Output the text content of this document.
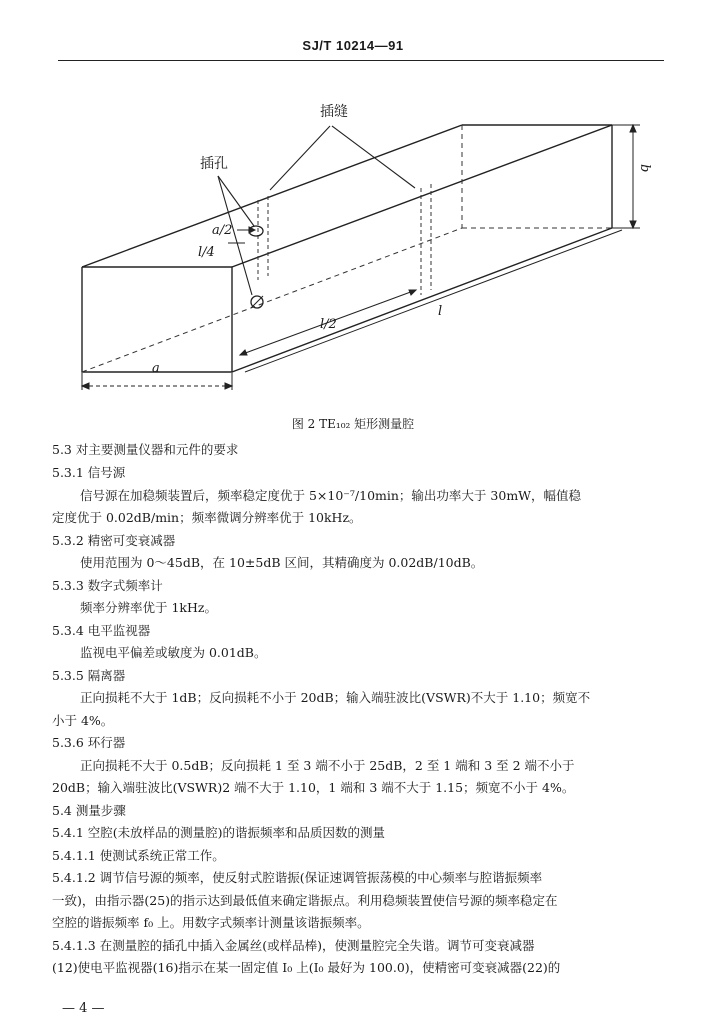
SJ/T 10214—91
插缝
插孔
a/2
l/4
l/2
l
a
b
图 2 TE₁₀₂ 矩形测量腔
5.3 对主要测量仪器和元件的要求
5.3.1 信号源
信号源在加稳频装置后，频率稳定度优于 5×10⁻⁷/10min；输出功率大于 30mW，幅值稳
定度优于 0.02dB/min；频率微调分辨率优于 10kHz。
5.3.2 精密可变衰减器
使用范围为 0～45dB，在 10±5dB 区间，其精确度为 0.02dB/10dB。
5.3.3 数字式频率计
频率分辨率优于 1kHz。
5.3.4 电平监视器
监视电平偏差或敏度为 0.01dB。
5.3.5 隔离器
正向损耗不大于 1dB；反向损耗不小于 20dB；输入端驻波比(VSWR)不大于 1.10；频宽不
小于 4%。
5.3.6 环行器
正向损耗不大于 0.5dB；反向损耗 1 至 3 端不小于 25dB，2 至 1 端和 3 至 2 端不小于
20dB；输入端驻波比(VSWR)2 端不大于 1.10，1 端和 3 端不大于 1.15；频宽不小于 4%。
5.4 测量步骤
5.4.1 空腔(未放样品的测量腔)的谐振频率和品质因数的测量
5.4.1.1 使测试系统正常工作。
5.4.1.2 调节信号源的频率，使反射式腔谐振(保证速调管振荡模的中心频率与腔谐振频率
一致)，由指示器(25)的指示达到最低值来确定谐振点。利用稳频装置使信号源的频率稳定在
空腔的谐振频率 f₀ 上。用数字式频率计测量该谐振频率。
5.4.1.3 在测量腔的插孔中插入金属丝(或样品棒)，使测量腔完全失谐。调节可变衰减器
(12)使电平监视器(16)指示在某一固定值 I₀ 上(I₀ 最好为 100.0)，使精密可变衰减器(22)的
— 4 —
